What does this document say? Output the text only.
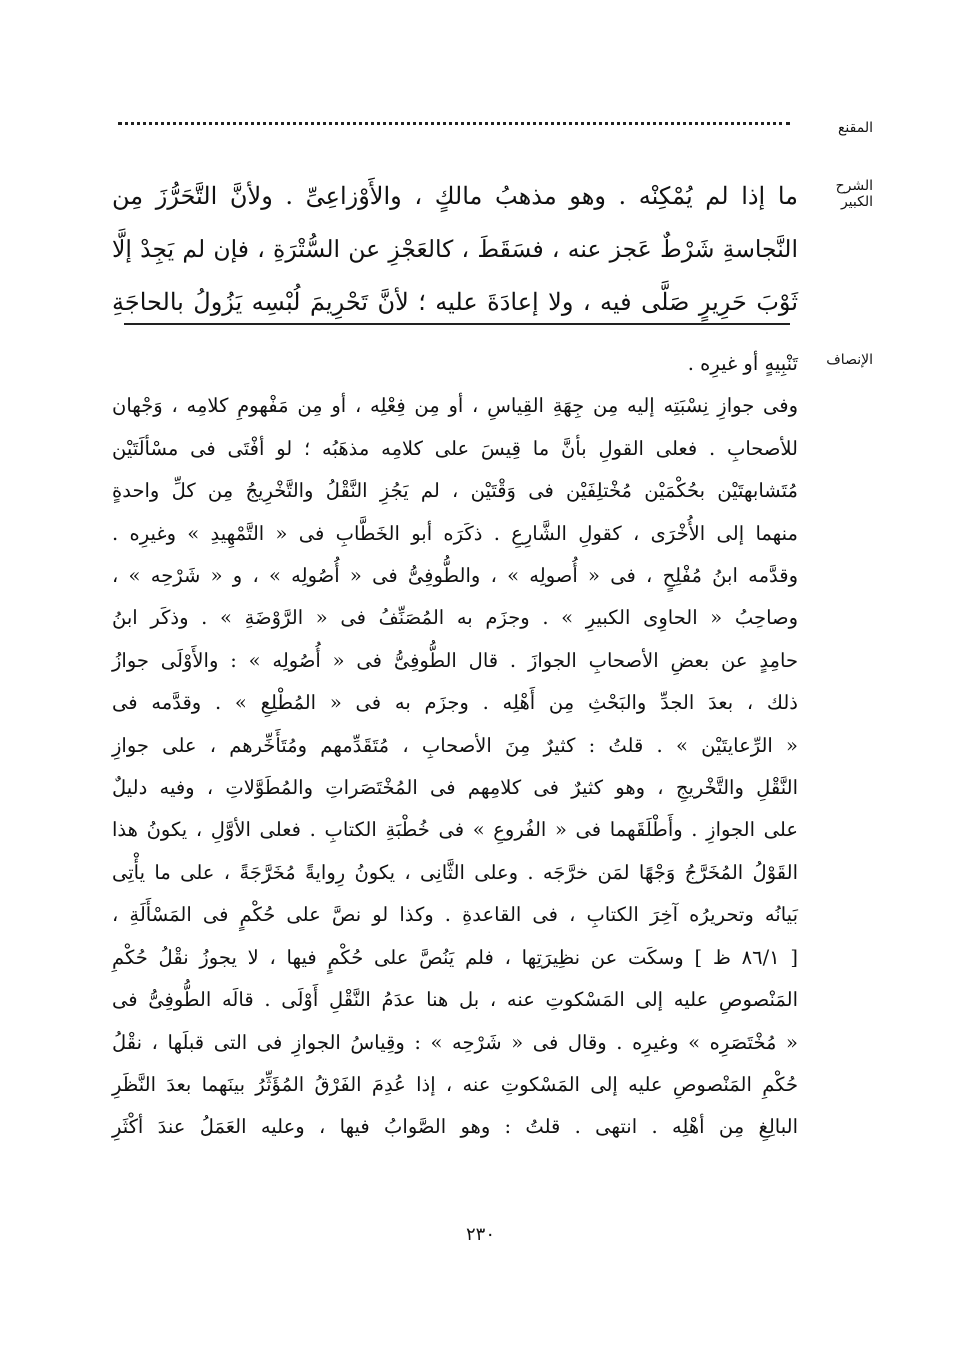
المقنع
الشرح الكبير
ما إذا لم يُمْكِنْه . وهو مذهبُ مالكٍ ، والأَوْزاعِىِّ . ولأنَّ التَّحَرُّزَ مِن
النَّجاسةِ شَرْطٌ عَجز عنه ، فسَقَطَ ، كالعَجْزِ عن السُّتْرَةِ ، فإن لم يَجِدْ إلَّا
ثَوْبَ حَرِيرٍ صَلَّى فيه ، ولا إعادَةَ عليه ؛ لأنَّ تَحْرِيمَ لُبْسِه يَزُولُ بالحاجَةِ
الإنصاف
تَنْبِيهٍ أو غيرِه .
وفى جوازِ نِسْبَتِه إليه مِن جِهَةِ القِياسِ ، أو مِن فِعْلِه ، أو مِن مَفْهومِ كلامِه ، وَجْهان
للأصحابِ . فعلى القولِ بأنَّ ما قِيسَ على كلامِه مذهَبُه ؛ لو أفْتَى فى مسْألَتَيْن
مُتَشابهتَيْن بحُكْمَيْن مُخْتلِفَيْن فى وَقْتَيْن ، لم يَجُزِ النَّقْلُ والتَّخْرِيجُ مِن كلِّ واحدةٍ
منهما إلى الأُخْرَى ، كقولِ الشَّارِعِ . ذكَرَه أبو الخَطَّابِ فى « التَّمْهِيدِ » وغيرِه .
وقدَّمه ابنُ مُفْلِحٍ ، فى « أُصولِه » ، والطُّوفِىُّ فى « أُصُولِه » ، و « شَرْحِه » ،
وصاحِبُ « الحاوِى الكبيرِ » . وجزَم به المُصَنِّفُ فى « الرَّوْضَةِ » . وذكَر ابنُ
حامِدٍ عن بعضِ الأصحابِ الجوازَ . قال الطُّوفِىُّ فى « أُصُولِه » : والأَوْلَى جوازُ
ذلك ، بعدَ الجدِّ والبَحْثِ مِن أَهْلِه . وجزَم به فى « المُطْلِعِ » . وقدَّمه فى
« الرِّعايتَيْن » . قلتُ : كثيرٌ مِنَ الأصحابِ ، مُتَقَدِّمهم ومُتَأَخِّرهم ، على جوازِ
النَّقْلِ والتَّخْريجِ ، وهو كثيرٌ فى كلامِهم فى المُخْتَصَراتِ والمُطَوَّلاتِ ، وفيه دليلٌ
على الجوازِ . وأَطْلَقَهما فى « الفُروعِ » فى خُطْبَةِ الكتابِ . فعلى الأوَّلِ ، يكونُ هذا
القَوْلُ المُخَرَّجُ وَجْهًا لمَن خرَّجَه . وعلى الثَّانِى ، يكونُ رِوايةً مُخَرَّجَةً ، على ما يأْتِى
بَيانُه وتحريرُه آخِرَ الكتابِ ، فى القاعدةِ . وكذا لو نصَّ على حُكْمٍ فى المَسْأَلَةِ ،
[ ٨٦/١ ظ ] وسكَت عن نظِيرَتِها ، فلم يَنُصَّ على حُكْمٍ فيها ، لا يجوزُ نقْلُ حُكْمِ
المَنْصوصِ عليه إلى المَسْكوتِ عنه ، بل هنا عدَمُ النَّقْلِ أَوْلَى . قالَه الطُّوفِىُّ فى
« مُخْتَصَرِه » وغيرِه . وقال فى « شَرْحِه » : وقِياسُ الجوازِ فى التى قبلَها ، نقْلُ
حُكْمِ المَنْصوصِ عليه إلى المَسْكوتِ عنه ، إذا عُدِمَ الفَرْقُ المُؤَثِّرُ بينَهما بعدَ النَّظَرِ
البالِغِ مِن أهْلِه . انتهى . قلتُ : وهو الصَّوابُ فيها ، وعليه العَمَلُ عندَ أكْثَرِ
٢٣٠
